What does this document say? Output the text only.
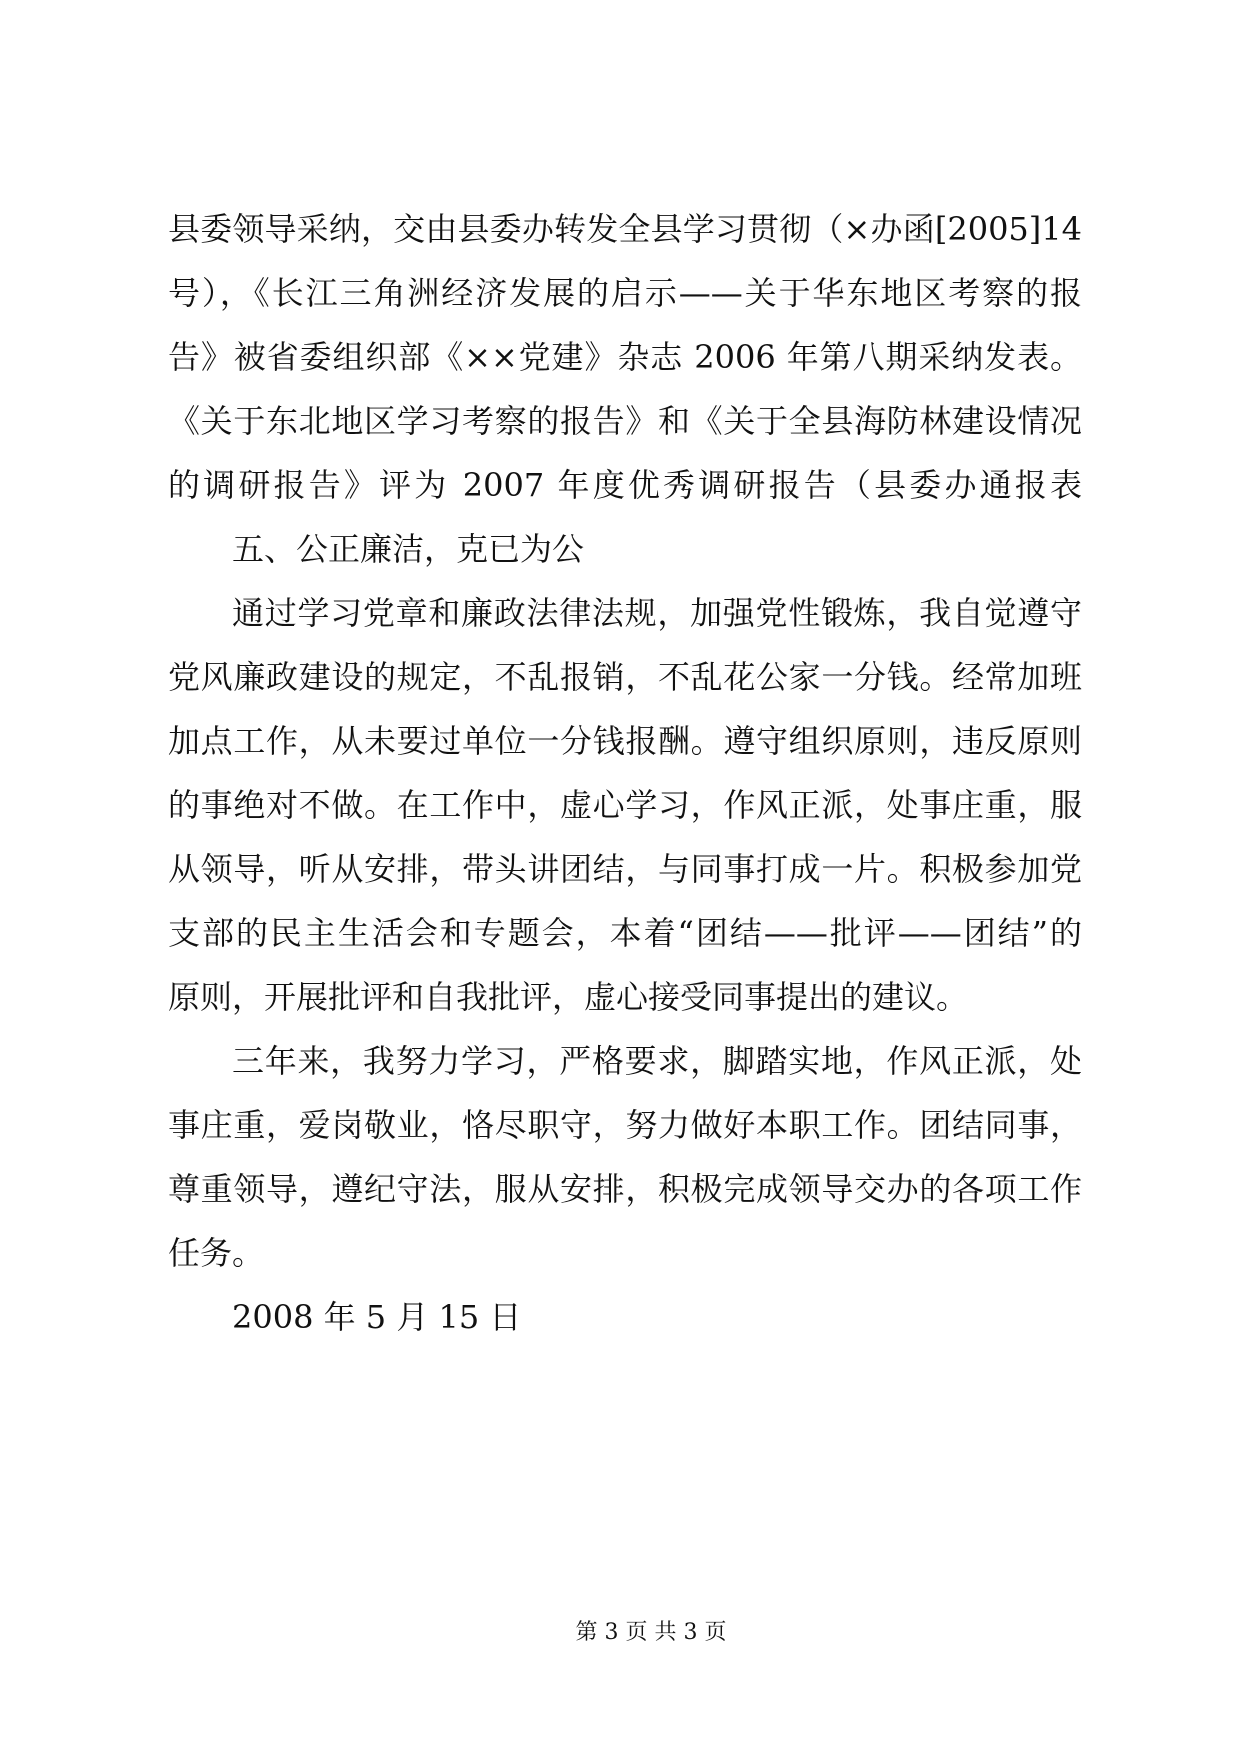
县委领导采纳，交由县委办转发全县学习贯彻（×办函[2005]14
号），《长江三角洲经济发展的启示——关于华东地区考察的报
告》被省委组织部《××党建》杂志 2006 年第八期采纳发表。
《关于东北地区学习考察的报告》和《关于全县海防林建设情况
的调研报告》评为 2007 年度优秀调研报告（县委办通报表
五、公正廉洁，克已为公
通过学习党章和廉政法律法规，加强党性锻炼，我自觉遵守
党风廉政建设的规定，不乱报销，不乱花公家一分钱。经常加班
加点工作，从未要过单位一分钱报酬。遵守组织原则，违反原则
的事绝对不做。在工作中，虚心学习，作风正派，处事庄重，服
从领导，听从安排，带头讲团结，与同事打成一片。积极参加党
支部的民主生活会和专题会，本着“团结——批评——团结”的
原则，开展批评和自我批评，虚心接受同事提出的建议。
三年来，我努力学习，严格要求，脚踏实地，作风正派，处
事庄重，爱岗敬业，恪尽职守，努力做好本职工作。团结同事，
尊重领导，遵纪守法，服从安排，积极完成领导交办的各项工作
任务。
2008 年 5 月 15 日
第 3 页 共 3 页
